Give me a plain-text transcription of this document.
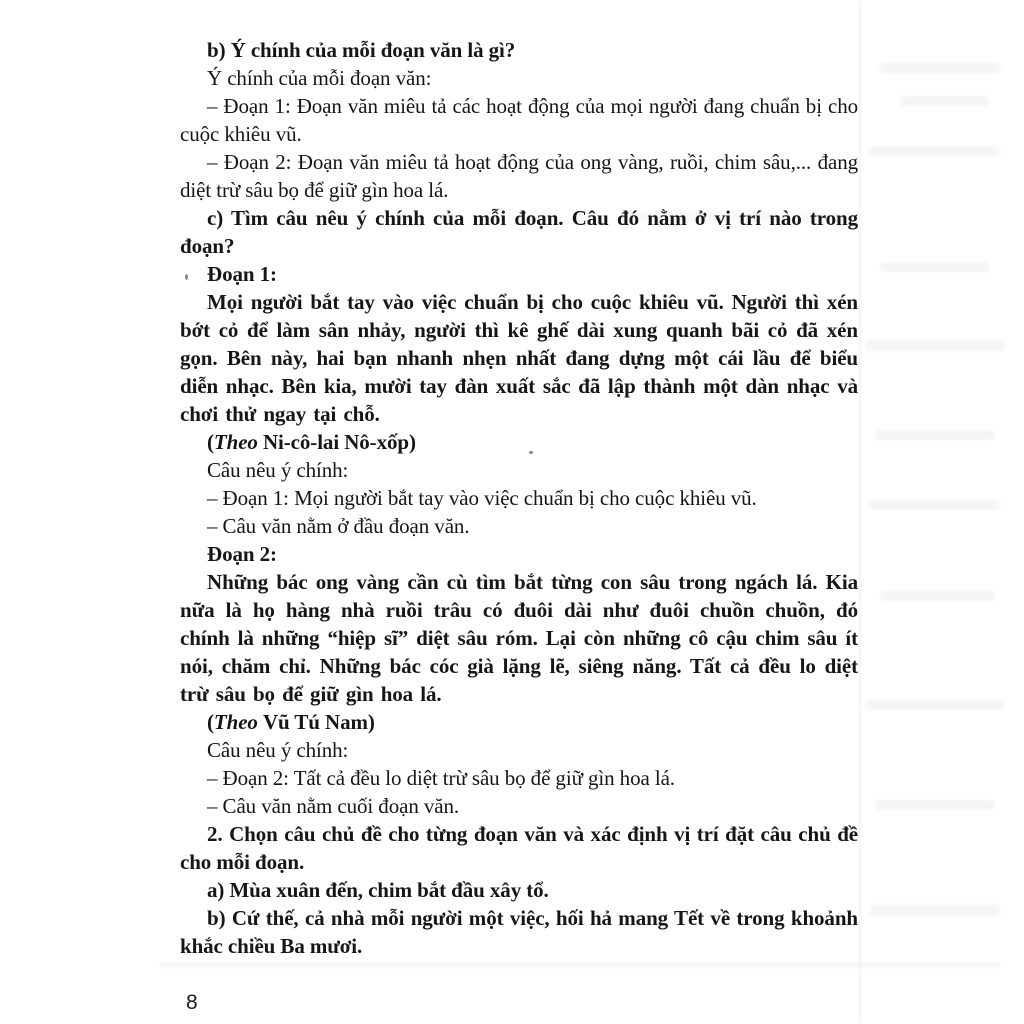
b) Ý chính của mỗi đoạn văn là gì?

Ý chính của mỗi đoạn văn:

– Đoạn 1: Đoạn văn miêu tả các hoạt động của mọi người đang chuẩn bị cho cuộc khiêu vũ.

– Đoạn 2: Đoạn văn miêu tả hoạt động của ong vàng, ruồi, chim sâu,... đang diệt trừ sâu bọ để giữ gìn hoa lá.

c) Tìm câu nêu ý chính của mỗi đoạn. Câu đó nằm ở vị trí nào trong đoạn?

Đoạn 1:

Mọi người bắt tay vào việc chuẩn bị cho cuộc khiêu vũ. Người thì xén bớt cỏ để làm sân nhảy, người thì kê ghế dài xung quanh bãi cỏ đã xén gọn. Bên này, hai bạn nhanh nhẹn nhất đang dựng một cái lầu để biểu diễn nhạc. Bên kia, mười tay đàn xuất sắc đã lập thành một dàn nhạc và chơi thử ngay tại chỗ.

(Theo Ni-cô-lai Nô-xốp)

Câu nêu ý chính:

– Đoạn 1: Mọi người bắt tay vào việc chuẩn bị cho cuộc khiêu vũ.

– Câu văn nằm ở đầu đoạn văn.

Đoạn 2:

Những bác ong vàng cần cù tìm bắt từng con sâu trong ngách lá. Kia nữa là họ hàng nhà ruồi trâu có đuôi dài như đuôi chuồn chuồn, đó chính là những “hiệp sĩ” diệt sâu róm. Lại còn những cô cậu chim sâu ít nói, chăm chỉ. Những bác cóc già lặng lẽ, siêng năng. Tất cả đều lo diệt trừ sâu bọ để giữ gìn hoa lá.

(Theo Vũ Tú Nam)

Câu nêu ý chính:

– Đoạn 2: Tất cả đều lo diệt trừ sâu bọ để giữ gìn hoa lá.

– Câu văn nằm cuối đoạn văn.

2. Chọn câu chủ đề cho từng đoạn văn và xác định vị trí đặt câu chủ đề cho mỗi đoạn.

a) Mùa xuân đến, chim bắt đầu xây tổ.

b) Cứ thế, cả nhà mỗi người một việc, hối hả mang Tết về trong khoảnh khắc chiều Ba mươi.

8
